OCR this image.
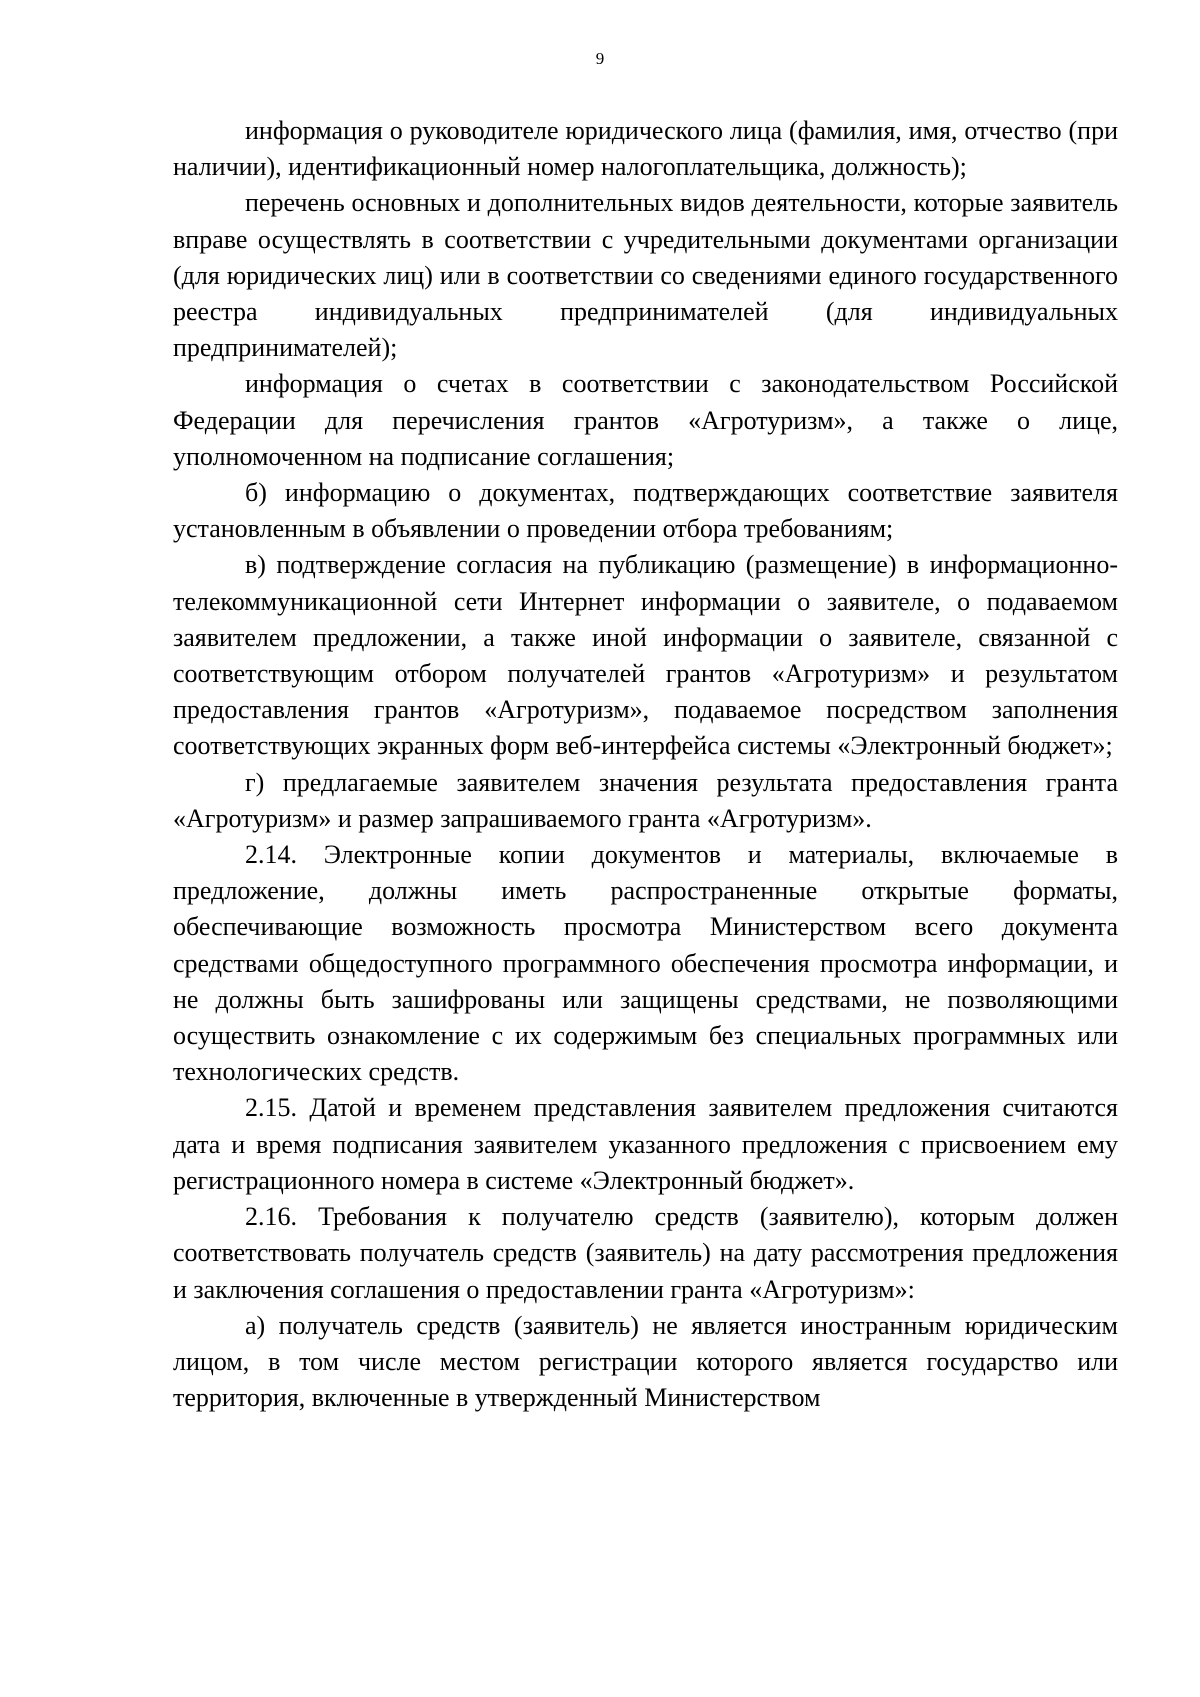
9

информация о руководителе юридического лица (фамилия, имя, отчество (при наличии), идентификационный номер налогоплательщика, должность);

перечень основных и дополнительных видов деятельности, которые заявитель вправе осуществлять в соответствии с учредительными документами организации (для юридических лиц) или в соответствии со сведениями единого государственного реестра индивидуальных предпринимателей (для индивидуальных предпринимателей);

информация о счетах в соответствии с законодательством Российской Федерации для перечисления грантов «Агротуризм», а также о лице, уполномоченном на подписание соглашения;

б) информацию о документах, подтверждающих соответствие заявителя установленным в объявлении о проведении отбора требованиям;

в) подтверждение согласия на публикацию (размещение) в информационно-телекоммуникационной сети Интернет информации о заявителе, о подаваемом заявителем предложении, а также иной информации о заявителе, связанной с соответствующим отбором получателей грантов «Агротуризм» и результатом предоставления грантов «Агротуризм», подаваемое посредством заполнения соответствующих экранных форм веб-интерфейса системы «Электронный бюджет»;

г) предлагаемые заявителем значения результата предоставления гранта «Агротуризм» и размер запрашиваемого гранта «Агротуризм».

2.14. Электронные копии документов и материалы, включаемые в предложение, должны иметь распространенные открытые форматы, обеспечивающие возможность просмотра Министерством всего документа средствами общедоступного программного обеспечения просмотра информации, и не должны быть зашифрованы или защищены средствами, не позволяющими осуществить ознакомление с их содержимым без специальных программных или технологических средств.

2.15. Датой и временем представления заявителем предложения считаются дата и время подписания заявителем указанного предложения с присвоением ему регистрационного номера в системе «Электронный бюджет».

2.16. Требования к получателю средств (заявителю), которым должен соответствовать получатель средств (заявитель) на дату рассмотрения предложения и заключения соглашения о предоставлении гранта «Агротуризм»:

а) получатель средств (заявитель) не является иностранным юридическим лицом, в том числе местом регистрации которого является государство или территория, включенные в утвержденный Министерством
